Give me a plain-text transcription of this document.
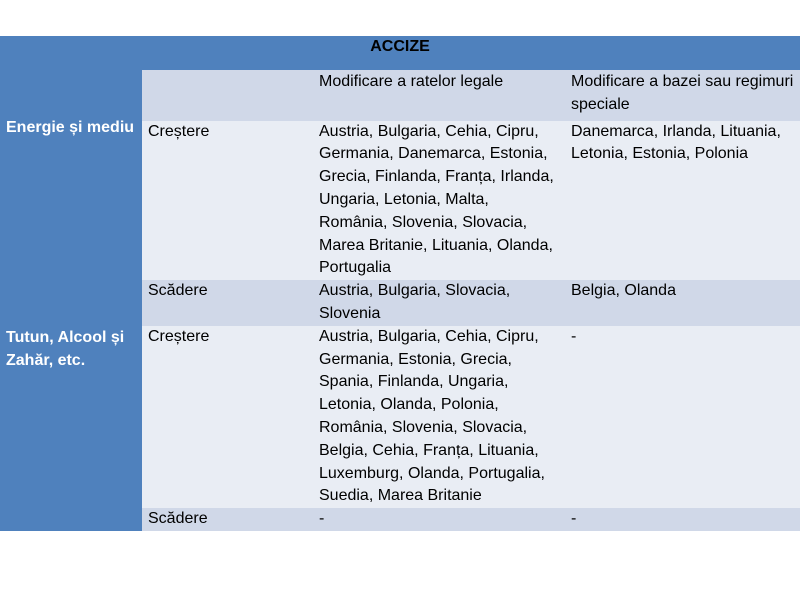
ACCIZE			

Energie și mediu		Modificare a ratelor legale	Modificare a bazei sau regimuri speciale

	Creștere	Austria, Bulgaria, Cehia, Cipru, Germania, Danemarca, Estonia, Grecia, Finlanda, Franța, Irlanda, Ungaria, Letonia, Malta, România, Slovenia, Slovacia, Marea Britanie, Lituania, Olanda, Portugalia	Danemarca, Irlanda, Lituania, Letonia, Estonia, Polonia

	Scădere	Austria, Bulgaria, Slovacia, Slovenia	Belgia, Olanda

Tutun, Alcool și Zahăr, etc.	Creștere	Austria, Bulgaria, Cehia, Cipru, Germania, Estonia, Grecia, Spania, Finlanda, Ungaria, Letonia, Olanda, Polonia, România, Slovenia, Slovacia, Belgia, Cehia, Franța, Lituania, Luxemburg, Olanda, Portugalia, Suedia, Marea Britanie	-

	Scădere	-	-
